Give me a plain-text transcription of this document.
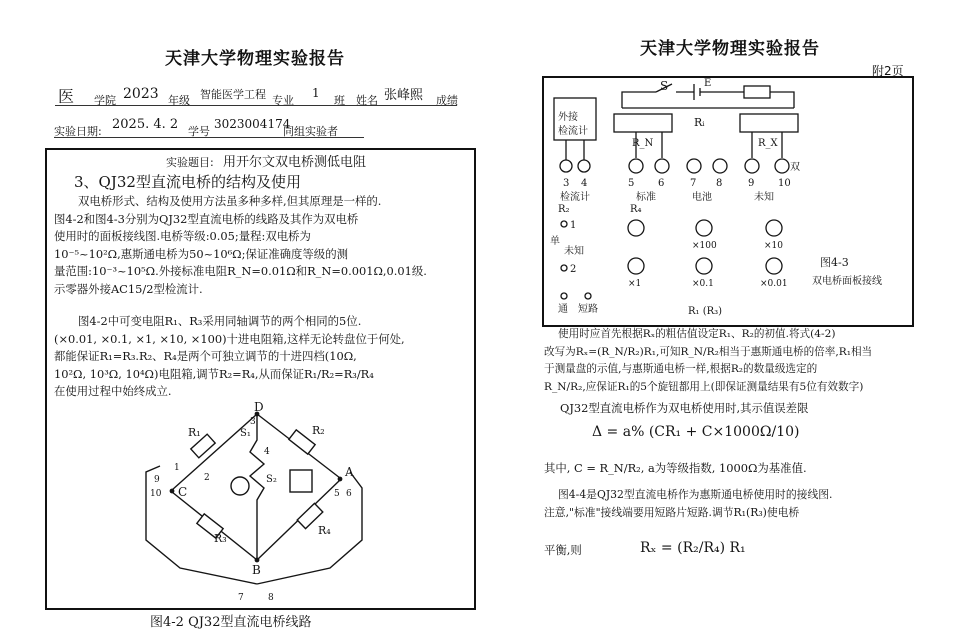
天津大学物理实验报告
医 学院 2023 年级 智能医学工程 专业
1
班 姓名 张峰熙 成绩
实验日期: 2025. 4. 2 学号
3023004174
同组实验者
实验题目: 用开尔文双电桥测低电阻
3、QJ32型直流电桥的结构及使用
双电桥形式、结构及使用方法虽多种多样,但其原理是一样的.
图4-2和图4-3分别为QJ32型直流电桥的线路及其作为双电桥
使用时的面板接线图.电桥等级:0.05;量程:双电桥为
10⁻⁵~10²Ω,惠斯通电桥为50~10⁶Ω;保证准确度等级的测
量范围:10⁻³~10⁵Ω.外接标准电阻R_N=0.01Ω和R_N=0.001Ω,0.01级.
示零器外接AC15/2型检流计.
图4-2中可变电阻R₁、R₃采用同轴调节的两个相同的5位.
(×0.01, ×0.1, ×1, ×10, ×100)十进电阻箱,这样无论转盘位于何处,
都能保证R₁=R₃.R₂、R₄是两个可独立调节的十进四档(10Ω,
10²Ω, 10³Ω, 10⁴Ω)电阻箱,调节R₂=R₄,从而保证R₁/R₂=R₃/R₄
在使用过程中始终成立.
D
A
B
C
R₁	R₂
R₃
R₄
S₁
S₂
3
4
2
1
9
10	5 6
7	8
图4-2 QJ32型直流电桥线路
天津大学物理实验报告
附2页
外接
检流计
S	E
Rᵢ
R_N	R_X
3 4	5 6	7 8	9
双
10
检流计	标准	电池	未知
R₂	R₄
1
单
未知
2
×100	×10
×1	×0.1	×0.01
通 短路	R₁ (R₃)
图4-3
双电桥面板接线
使用时应首先根据Rₓ的粗估值设定R₁、R₂的初值.将式(4-2)
改写为Rₓ=(R_N/R₂)R₁,可知R_N/R₂相当于惠斯通电桥的倍率,R₁相当
于测量盘的示值,与惠斯通电桥一样,根据R₂的数量级选定的
R_N/R₂,应保证R₁的5个旋钮都用上(即保证测量结果有5位有效数字)
QJ32型直流电桥作为双电桥使用时,其示值误差限
Δ = a% (CR₁ + C×1000Ω/10)
其中, C = R_N/R₂, a为等级指数, 1000Ω为基准值.
图4-4是QJ32型直流电桥作为惠斯通电桥使用时的接线图.
注意,"标准"接线端要用短路片短路.调节R₁(R₃)使电桥
平衡,则	Rₓ = (R₂/R₄) R₁
